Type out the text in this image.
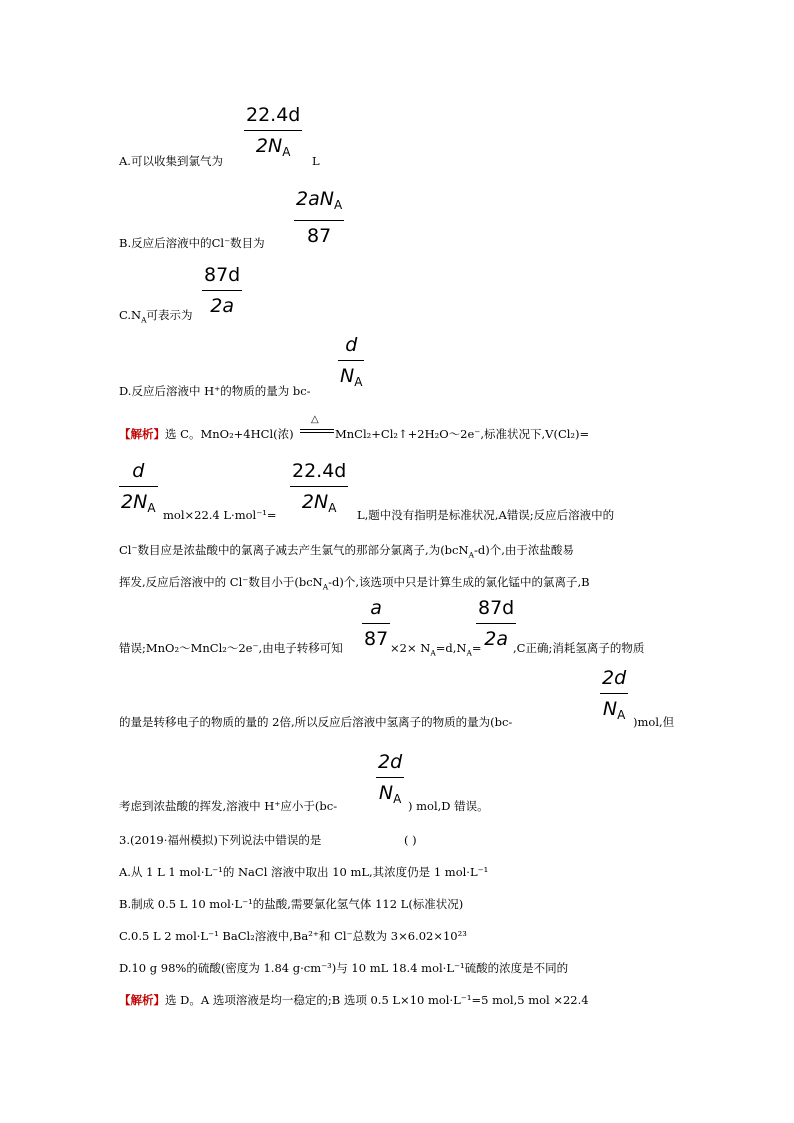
22.4d
$2N_A$
A.可以收集到氯气为	L
$2aN_A$
87
B.反应后溶液中的Cl⁻数目为
87d
2a
$C.N_A$可表示为
d
$N_A$
D.反应后溶液中 H⁺的物质的量为 bc-
【解析】选 C。MnO₂+4HCl(浓)
△
MnCl₂+Cl₂↑+2H₂O～2e⁻,标准状况下,V(Cl₂)=
d
$2N_A$ mol×22.4 L·mol⁻¹=
22.4d
$2N_A$	L,题中没有指明是标准状况,A错误;反应后溶液中的
Cl⁻数目应是浓盐酸中的氯离子减去产生氯气的那部分氯离子,为(bcN$_A$-d)个,由于浓盐酸易
挥发,反应后溶液中的 Cl⁻数目小于(bcN$_A$-d)个,该选项中只是计算生成的氯化锰中的氯离子,B
错误;MnO₂～MnCl₂～2e⁻,由电子转移可知
a
$87 \times 2\times N_A=d,N_A=$
87d
2a ,C正确;消耗氢离子的物质
的量是转移电子的物质的量的 2倍,所以反应后溶液中氢离子的物质的量为(bc-
2d
$N_A$ )mol,但
考虑到浓盐酸的挥发,溶液中 H⁺应小于(bc-
2d
$N_A$ ) mol,D 错误。
3.(2019·福州模拟)下列说法中错误的是	( )
A.从 1 L 1 mol·L⁻¹的 NaCl 溶液中取出 10 mL,其浓度仍是 1 mol·L⁻¹
B.制成 0.5 L 10 mol·L⁻¹的盐酸,需要氯化氢气体 112 L(标准状况)
C.0.5 L 2 mol·L⁻¹ BaCl₂溶液中,Ba²⁺和 Cl⁻总数为 3×6.02×10²³
D.10 g 98%的硫酸(密度为 1.84 g·cm⁻³)与 10 mL 18.4 mol·L⁻¹硫酸的浓度是不同的
【解析】选 D。A 选项溶液是均一稳定的;B 选项 0.5 L×10 mol·L⁻¹=5 mol,5 mol ×22.4
